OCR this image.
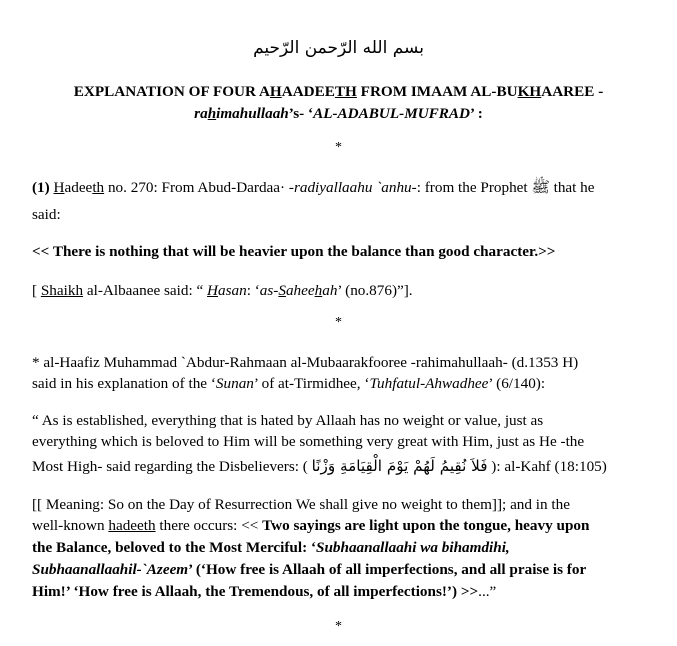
بسم الله الرّحمن الرّحيم
EXPLANATION OF FOUR AHAADEETH FROM IMAAM AL-BUKHAAREE -
rahimahullaah’s- ‘AL-ADABUL-MUFRAD’ :
*
(1) Hadeeth no. 270: From Abud-Dardaa· -radiyallaahu `anhu-: from the Prophet ﷺ that he
said:
<< There is nothing that will be heavier upon the balance than good character.>>
[ Shaikh al-Albaanee said: “ Hasan: ‘as-Saheehah’ (no.876)”].
*
* al-Haafiz Muhammad `Abdur-Rahmaan al-Mubaarakfooree -rahimahullaah- (d.1353 H)
said in his explanation of the ‘Sunan’ of at-Tirmidhee, ‘Tuhfatul-Ahwadhee’ (6/140):
“ As is established, everything that is hated by Allaah has no weight or value, just as
everything which is beloved to Him will be something very great with Him, just as He -the
Most High- said regarding the Disbelievers: ( فَلاَ نُقِيمُ لَهُمْ يَوْمَ الْقِيَامَةِ وَزْنًا ): al-Kahf (18:105)
[[ Meaning: So on the Day of Resurrection We shall give no weight to them]]; and in the
well-known hadeeth there occurs: << Two sayings are light upon the tongue, heavy upon
the Balance, beloved to the Most Merciful: ‘Subhaanallaahi wa bihamdihi,
Subhaanallaahil-`Azeem’ (‘How free is Allaah of all imperfections, and all praise is for
Him!’ ‘How free is Allaah, the Tremendous, of all imperfections!’) >>...”
*
